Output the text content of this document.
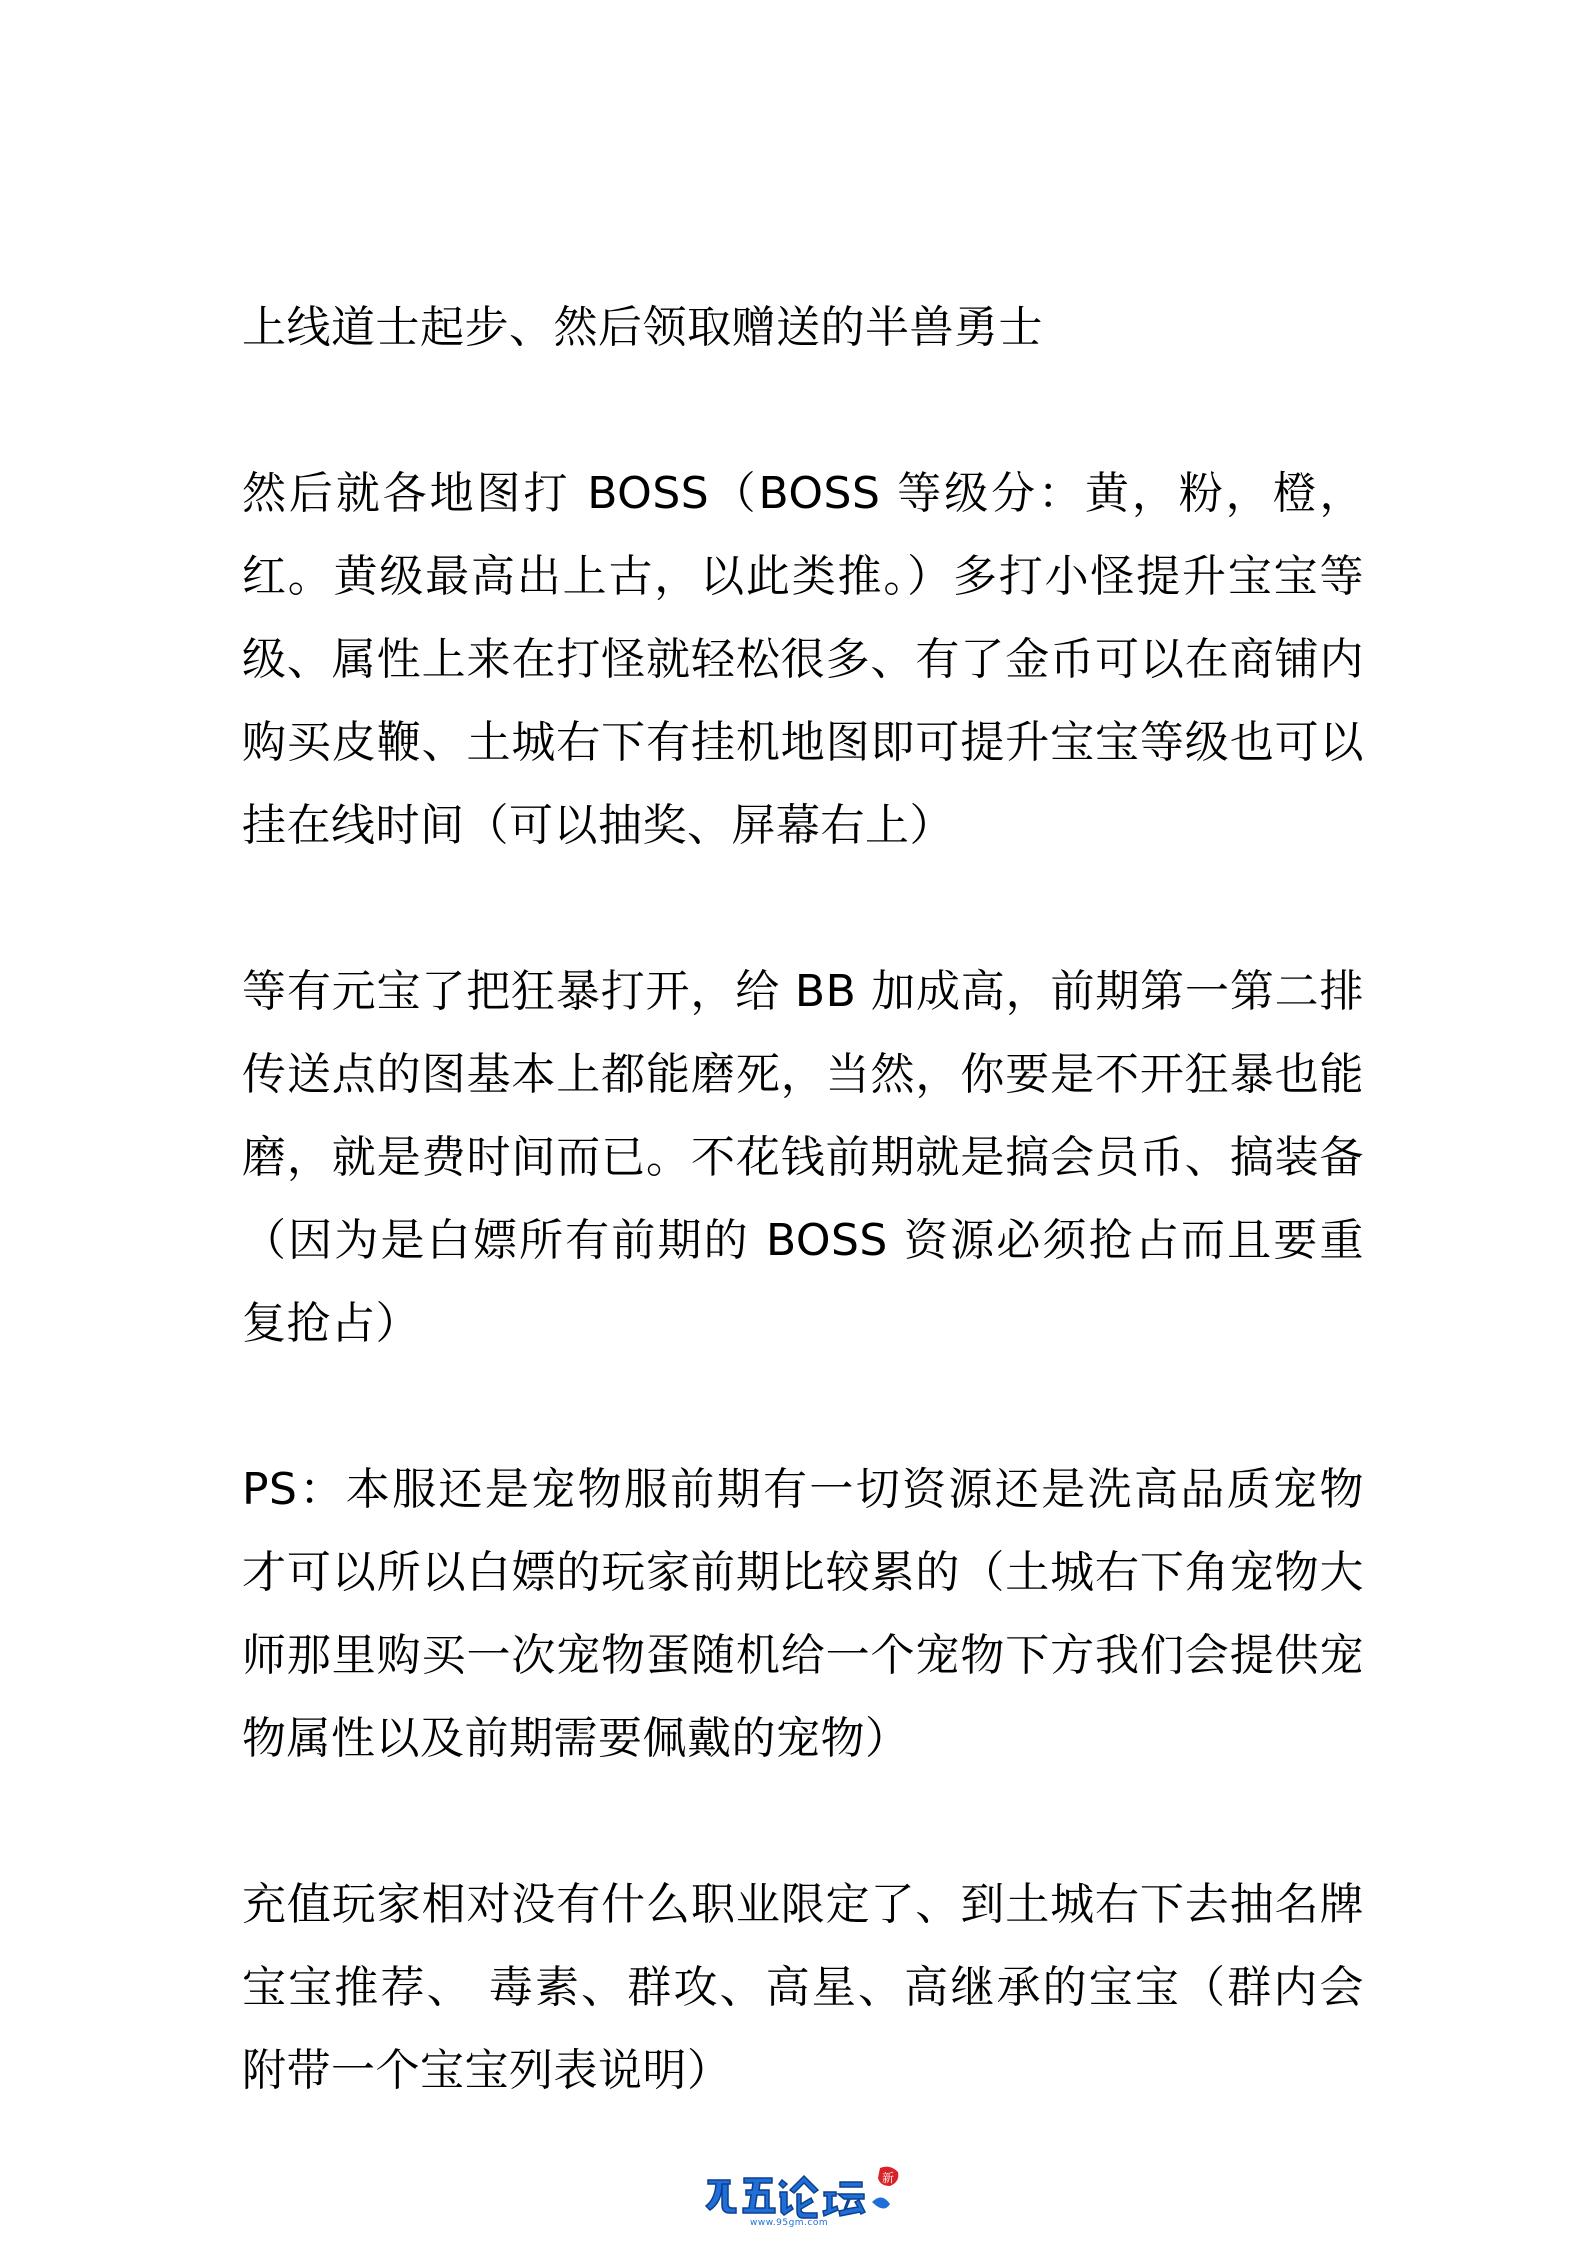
上线道士起步、然后领取赠送的半兽勇士

然后就各地图打 BOSS（BOSS 等级分：黄，粉，橙，红。黄级最高出上古，以此类推。）多打小怪提升宝宝等级、属性上来在打怪就轻松很多、有了金币可以在商铺内购买皮鞭、土城右下有挂机地图即可提升宝宝等级也可以挂在线时间（可以抽奖、屏幕右上）

等有元宝了把狂暴打开，给 BB 加成高，前期第一第二排传送点的图基本上都能磨死，当然，你要是不开狂暴也能磨，就是费时间而已。不花钱前期就是搞会员币、搞装备（因为是白嫖所有前期的 BOSS 资源必须抢占而且要重复抢占）

PS：本服还是宠物服前期有一切资源还是洗高品质宠物才可以所以白嫖的玩家前期比较累的（土城右下角宠物大师那里购买一次宠物蛋随机给一个宠物下方我们会提供宠物属性以及前期需要佩戴的宠物）

充值玩家相对没有什么职业限定了、到土城右下去抽名牌宝宝推荐、 毒素、群攻、高星、高继承的宝宝（群内会附带一个宝宝列表说明）

新
www.95gm.com
